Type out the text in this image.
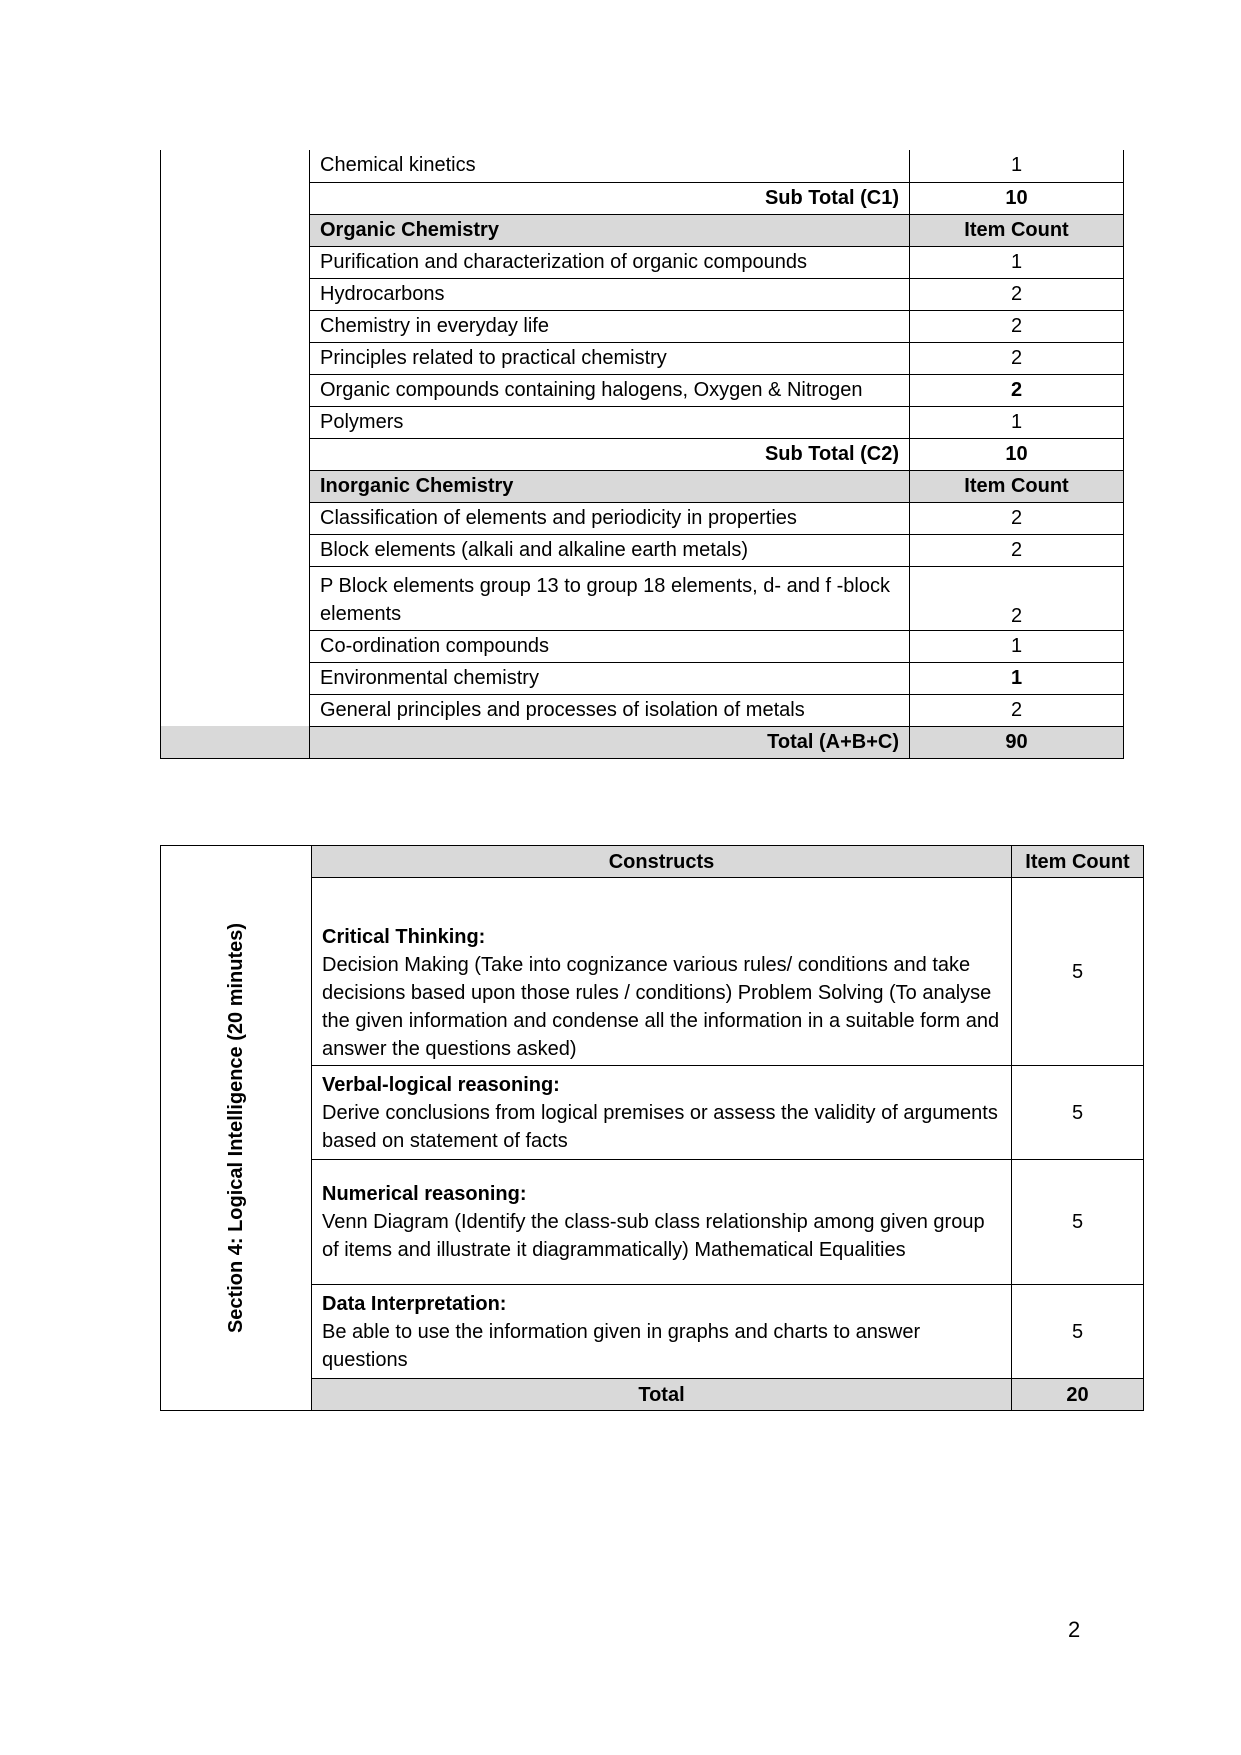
	Chemical kinetics	1
	Sub Total (C1)	10
	Organic Chemistry	Item Count
	Purification and characterization of organic compounds	1
	Hydrocarbons	2
	Chemistry in everyday life	2
	Principles related to practical chemistry	2
	Organic compounds containing halogens, Oxygen & Nitrogen	2
	Polymers	1
	Sub Total (C2)	10
	Inorganic Chemistry	Item Count
	Classification of elements and periodicity in properties	2
	Block elements (alkali and alkaline earth metals)	2
	P Block elements group 13 to group 18 elements, d- and f -block elements	2
	Co-ordination compounds	1
	Environmental chemistry	1
	General principles and processes of isolation of metals	2
	Total (A+B+C)	90
Section 4: Logical Intelligence (20 minutes)	Constructs	Item Count

	Critical Thinking:
Decision Making (Take into cognizance various rules/ conditions and take decisions based upon those rules / conditions) Problem Solving (To analyse the given information and condense all the information in a suitable form and answer the questions asked)	5

	Verbal-logical reasoning:
Derive conclusions from logical premises or assess the validity of arguments based on statement of facts	5

	Numerical reasoning:
Venn Diagram (Identify the class-sub class relationship among given group of items and illustrate it diagrammatically) Mathematical Equalities	5

	Data Interpretation:
Be able to use the information given in graphs and charts to answer questions	5
	Total	20
2
